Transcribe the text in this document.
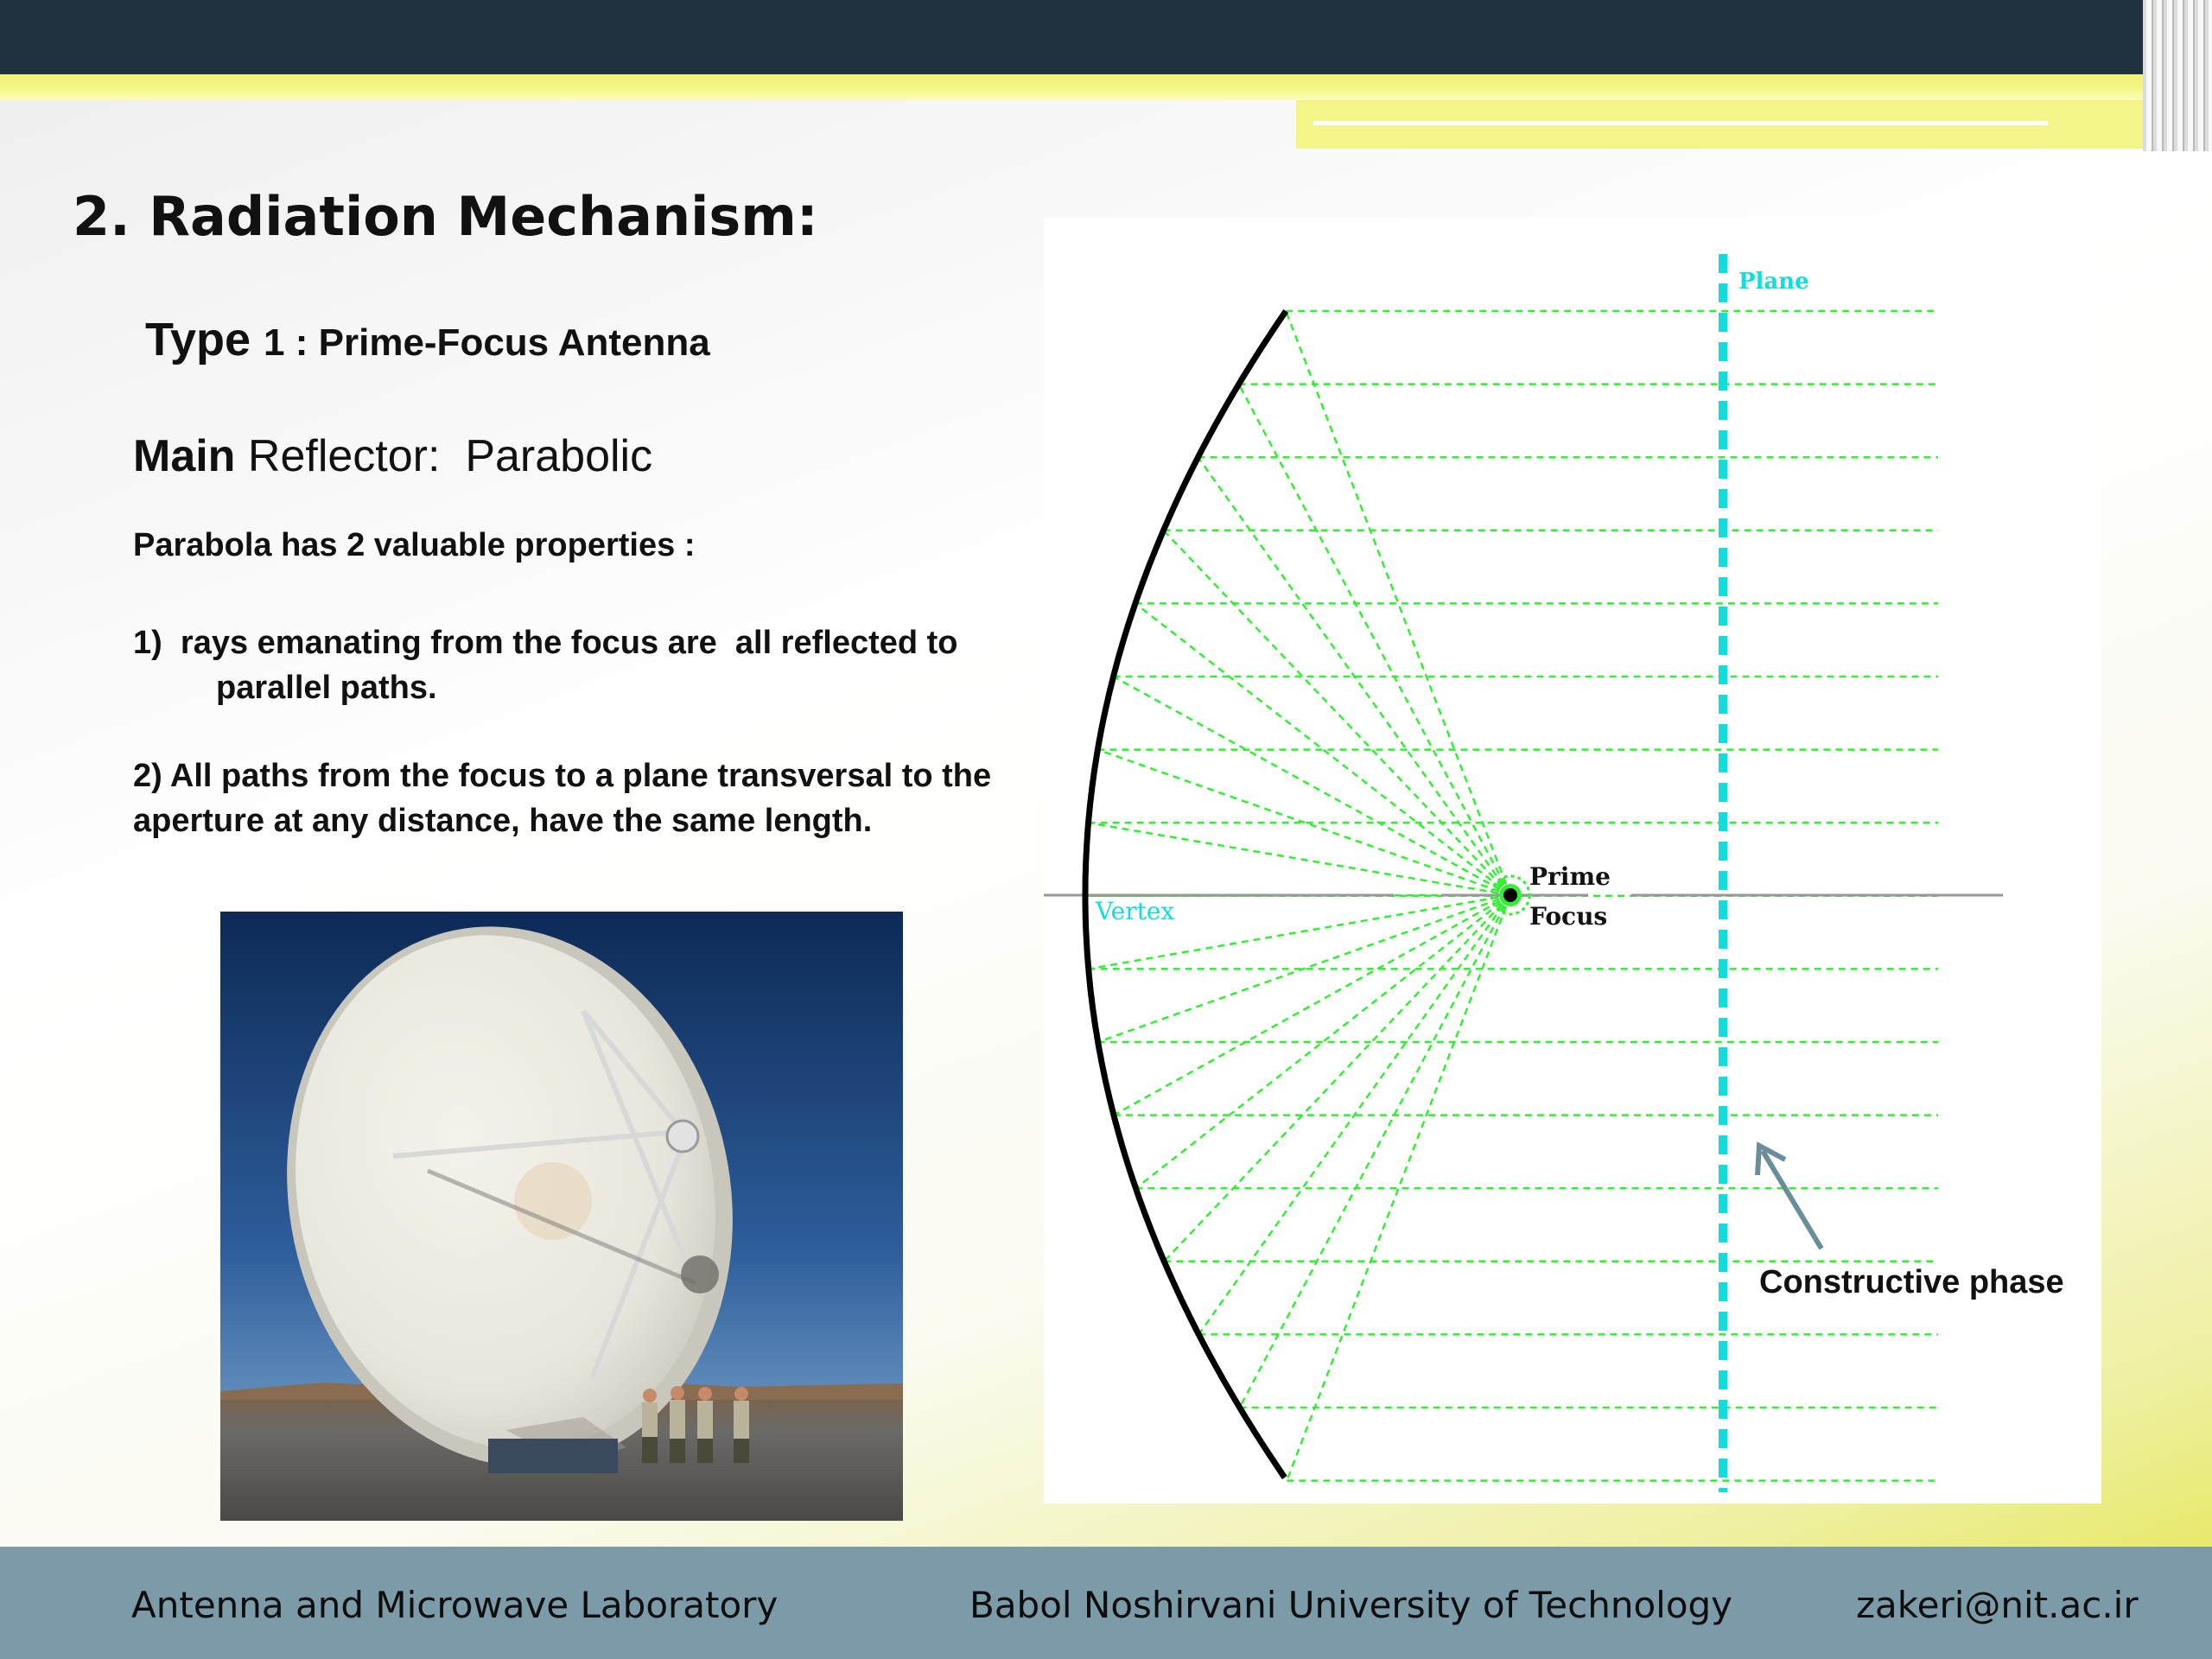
2. Radiation Mechanism:
Type 1 : Prime-Focus Antenna
Main Reflector:  Parabolic
Parabola has 2 valuable properties :
1)  rays emanating from the focus are  all reflected to
parallel paths.
2) All paths from the focus to a plane transversal to the aperture at any distance, have the same length.
Plane
Vertex
Prime
Focus
Constructive phase
Antenna and Microwave Laboratory	Babol Noshirvani University of Technology	zakeri@nit.ac.ir
